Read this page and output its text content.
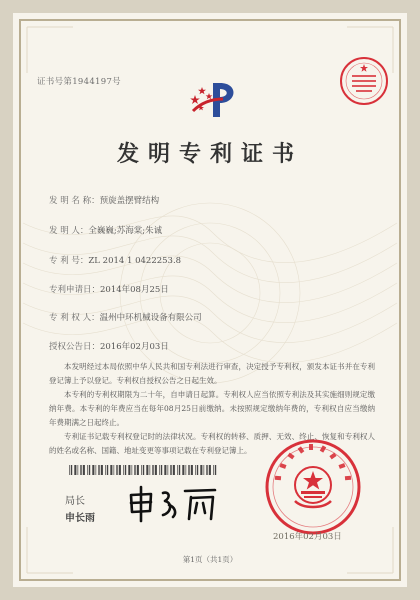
证书号第1944197号
发明专利证书
发 明 名 称：预旋盖摆臂结构
发 明 人：全巍巍;苏海棠;朱诚
专 利 号：ZL 2014 1 0422253.8
专利申请日：2014年08月25日
专 利 权 人：温州中环机械设备有限公司
授权公告日：2016年02月03日

本发明经过本局依照中华人民共和国专利法进行审查，决定授予专利权，颁发本证书并在专利登记簿上予以登记。专利权自授权公告之日起生效。

本专利的专利权期限为二十年，自申请日起算。专利权人应当依照专利法及其实施细则规定缴纳年费。本专利的年费应当在每年08月25日前缴纳。未按照规定缴纳年费的，专利权自应当缴纳年费期满之日起终止。

专利证书记载专利权登记时的法律状况。专利权的转移、质押、无效、终止、恢复和专利权人的姓名或名称、国籍、地址变更等事项记载在专利登记簿上。

局长
申长雨
2016年02月03日
第1页（共1页）
